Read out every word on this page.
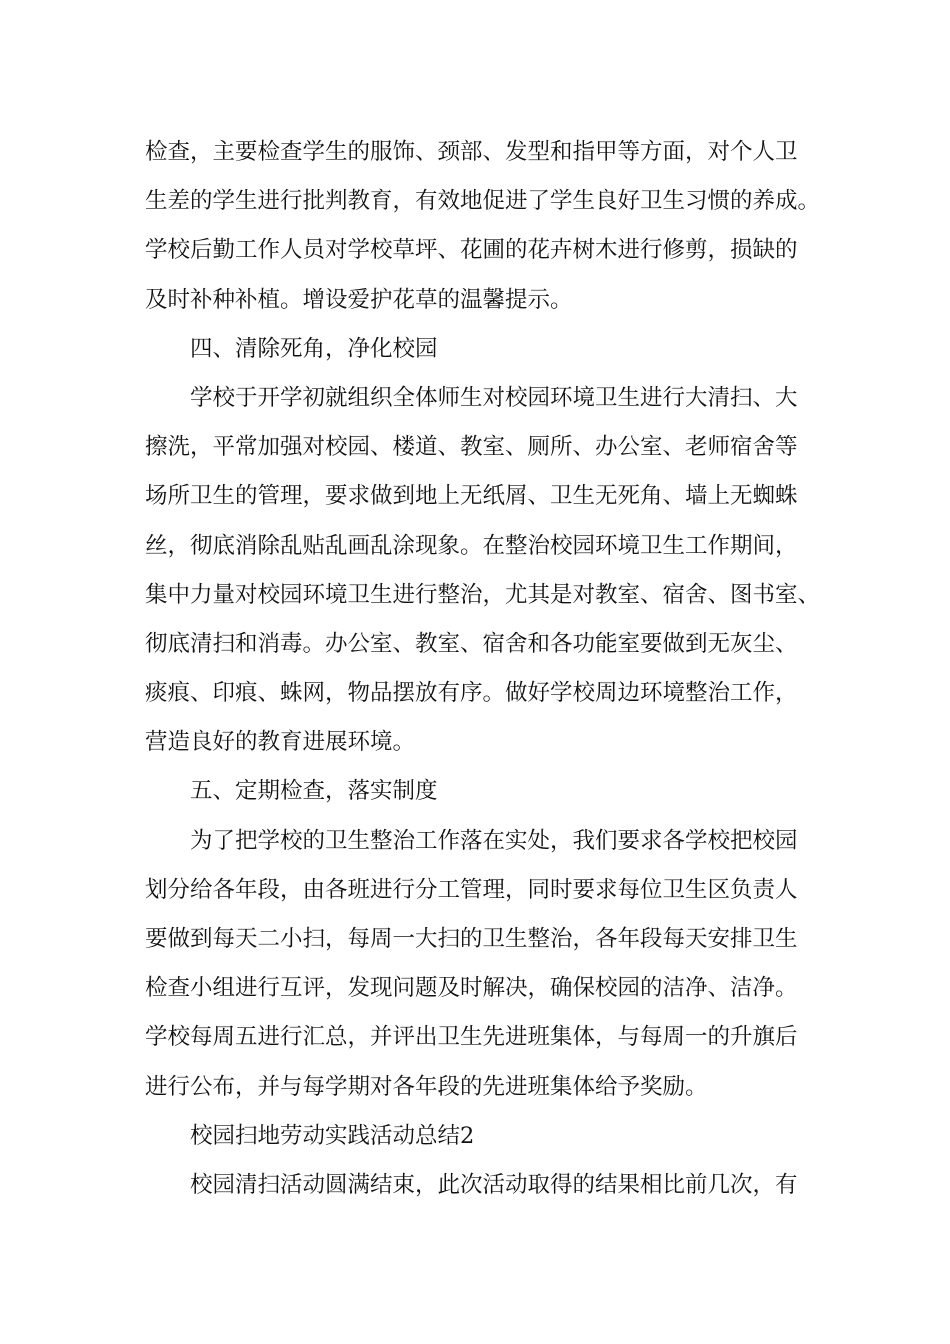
检查，主要检查学生的服饰、颈部、发型和指甲等方面，对个人卫
生差的学生进行批判教育，有效地促进了学生良好卫生习惯的养成。
学校后勤工作人员对学校草坪、花圃的花卉树木进行修剪，损缺的
及时补种补植。增设爱护花草的温馨提示。
四、清除死角，净化校园
学校于开学初就组织全体师生对校园环境卫生进行大清扫、大
擦洗，平常加强对校园、楼道、教室、厕所、办公室、老师宿舍等
场所卫生的管理，要求做到地上无纸屑、卫生无死角、墙上无蜘蛛
丝，彻底消除乱贴乱画乱涂现象。在整治校园环境卫生工作期间，
集中力量对校园环境卫生进行整治，尤其是对教室、宿舍、图书室、
彻底清扫和消毒。办公室、教室、宿舍和各功能室要做到无灰尘、
痰痕、印痕、蛛网，物品摆放有序。做好学校周边环境整治工作，
营造良好的教育进展环境。
五、定期检查，落实制度
为了把学校的卫生整治工作落在实处，我们要求各学校把校园
划分给各年段，由各班进行分工管理，同时要求每位卫生区负责人
要做到每天二小扫，每周一大扫的卫生整治，各年段每天安排卫生
检查小组进行互评，发现问题及时解决，确保校园的洁净、洁净。
学校每周五进行汇总，并评出卫生先进班集体，与每周一的升旗后
进行公布，并与每学期对各年段的先进班集体给予奖励。
校园扫地劳动实践活动总结2
校园清扫活动圆满结束，此次活动取得的结果相比前几次，有
